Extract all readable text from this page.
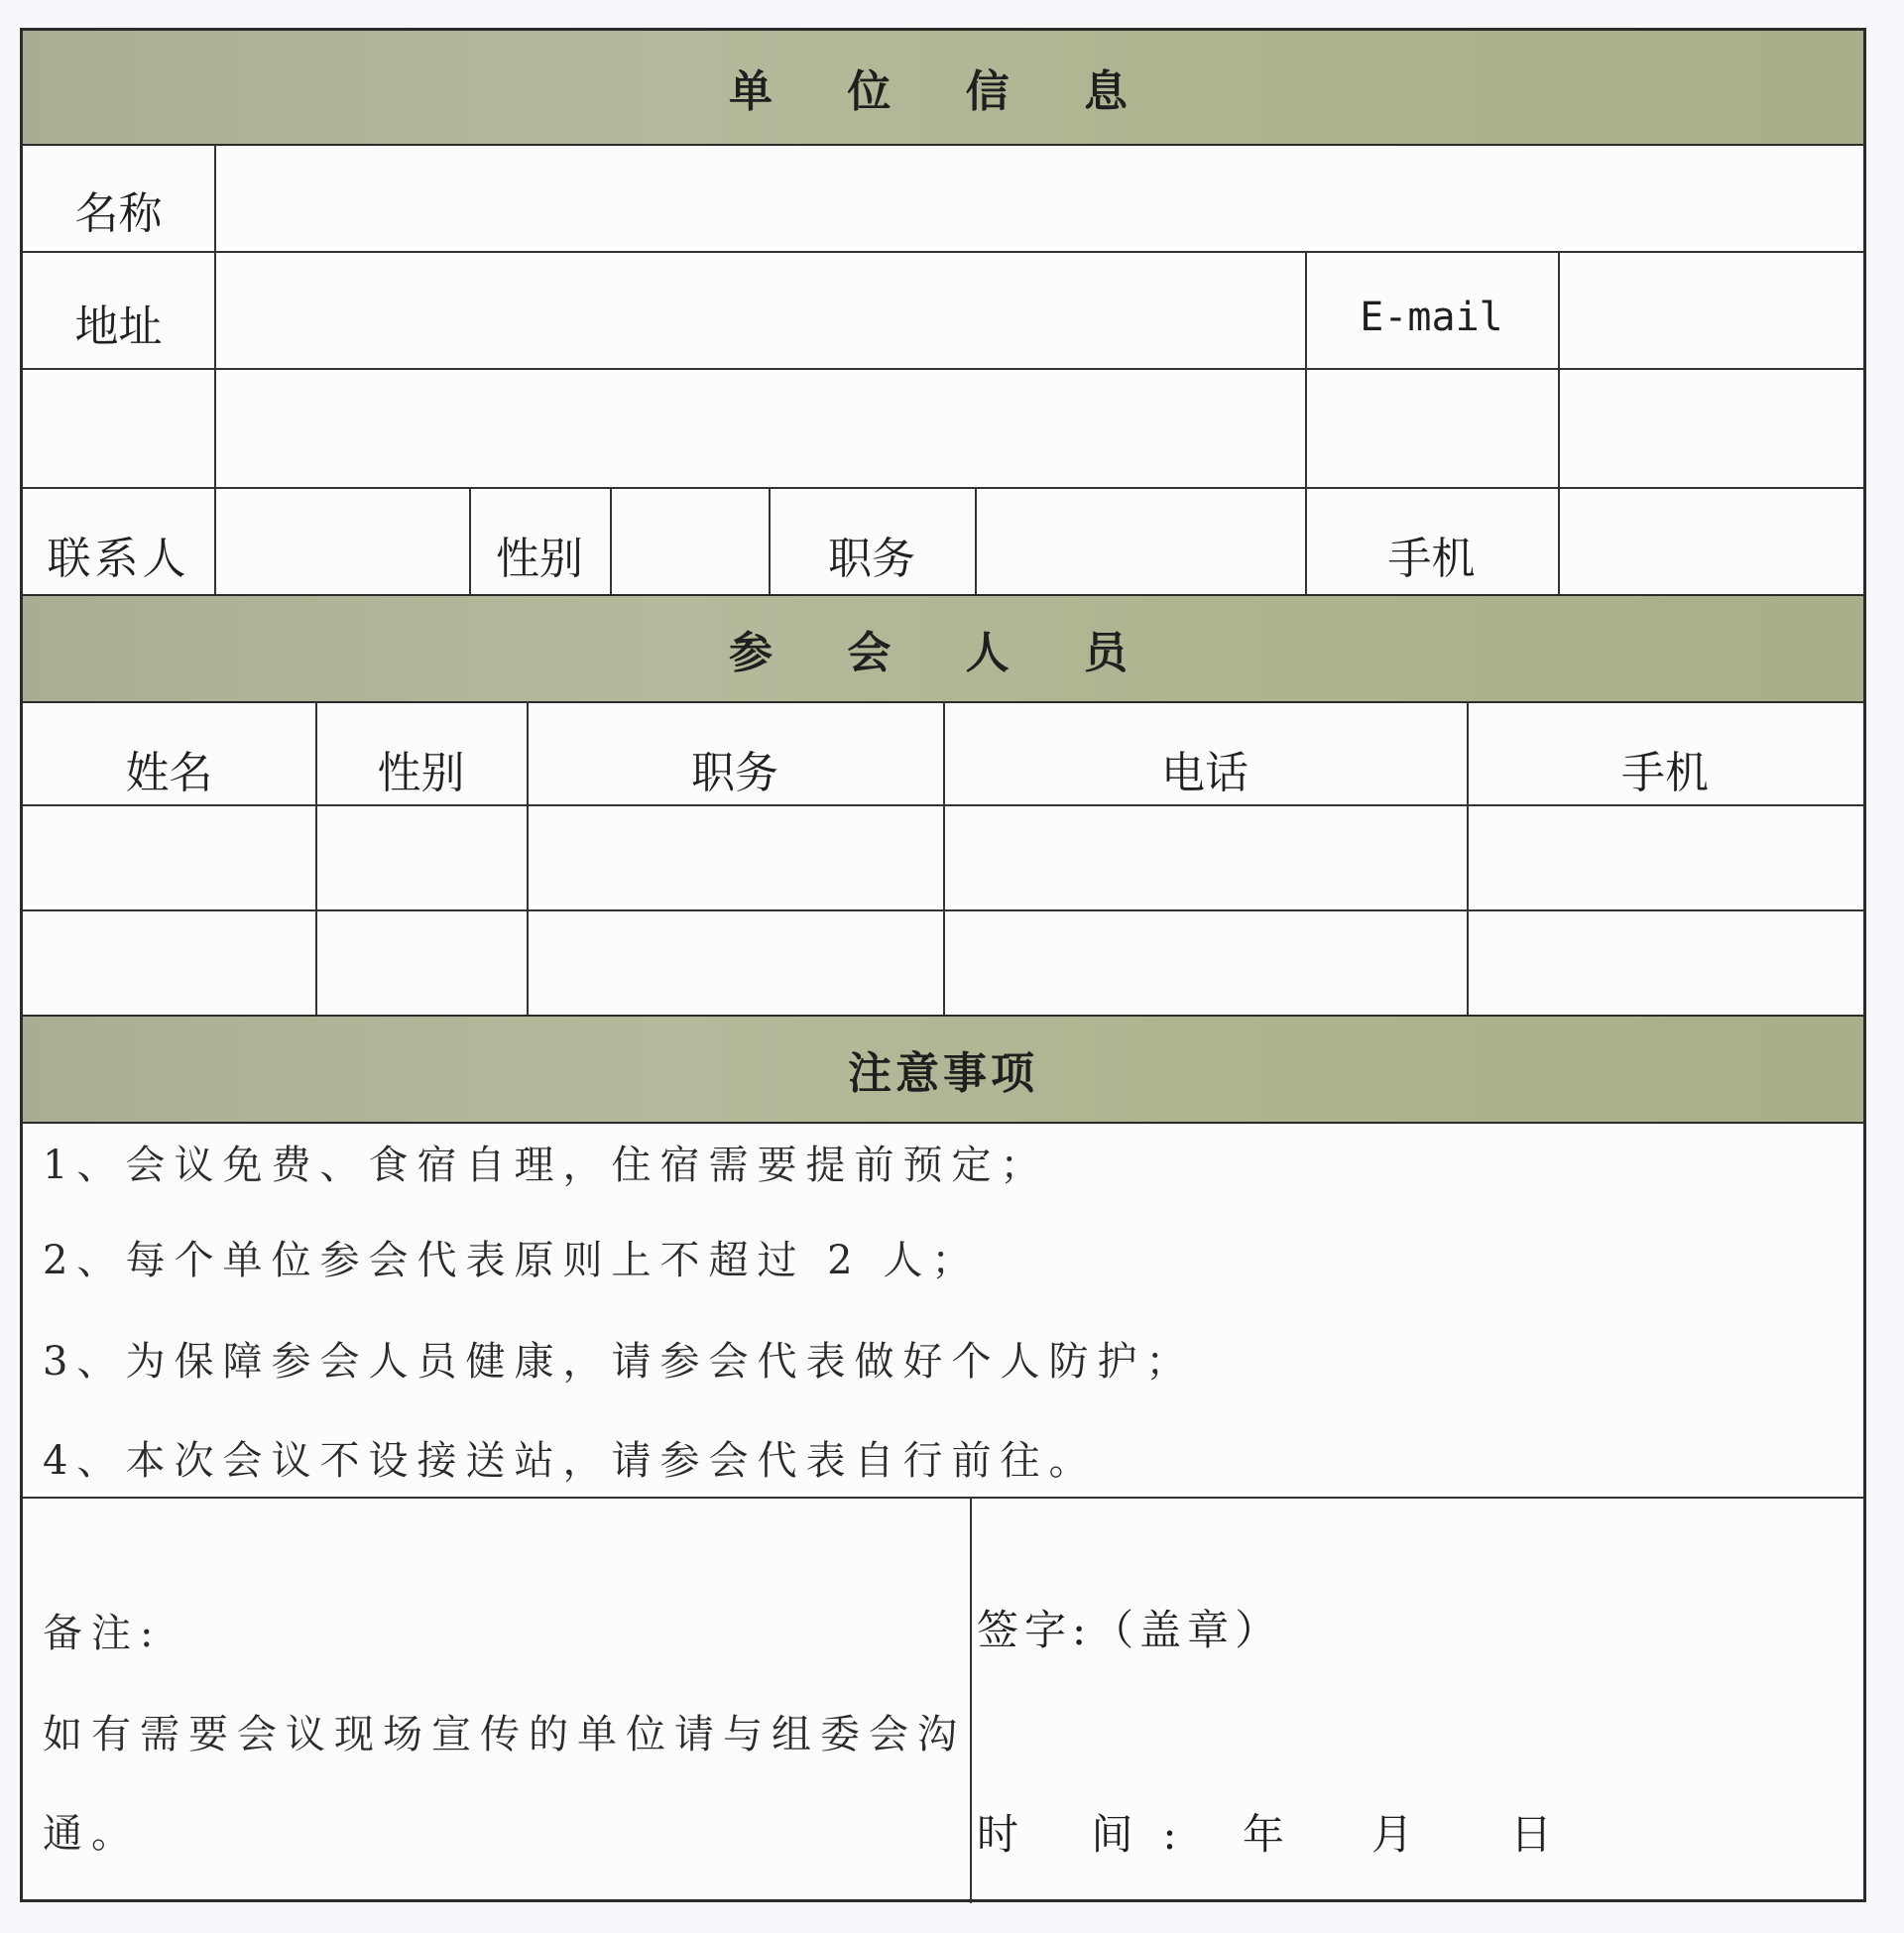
单 位 信 息
名称
地址	E-mail
联系人	性别	职务	手机
参 会 人 员
姓名	性别	职务	电话	手机
注意事项
1、会议免费、食宿自理，住宿需要提前预定；
2、每个单位参会代表原则上不超过 2 人；
3、为保障参会人员健康，请参会代表做好个人防护；
4、本次会议不设接送站，请参会代表自行前往。
备注:
如有需要会议现场宣传的单位请与组委会沟
通。
签字:（盖章）
时 间: 年 月 日
